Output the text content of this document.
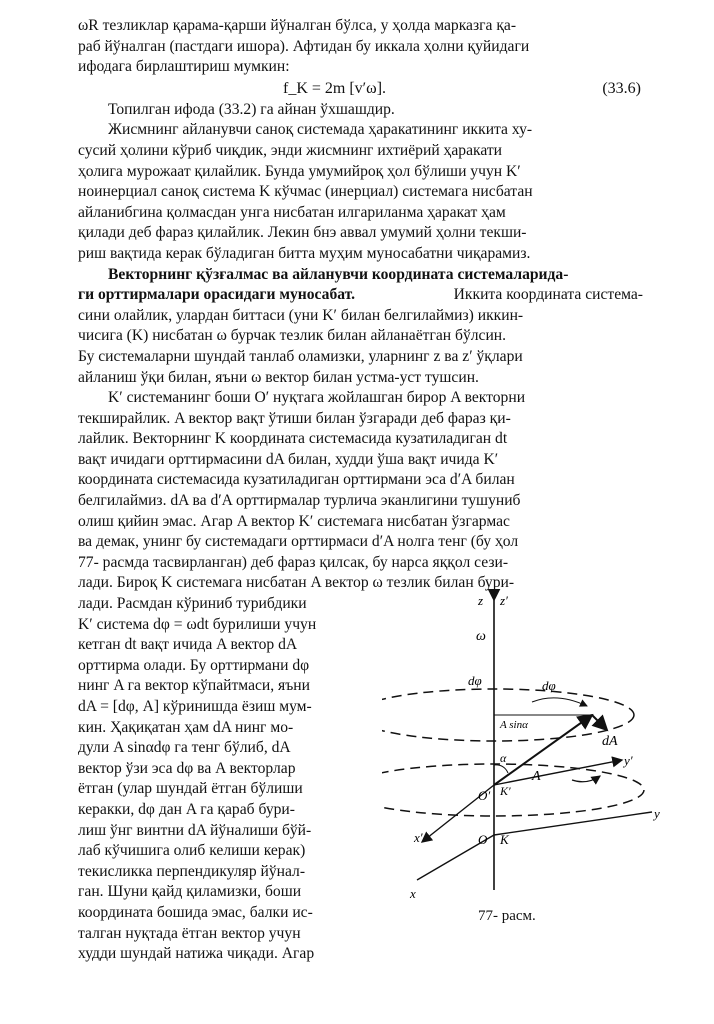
ωR тезликлар қарама-қарши йўналган бўлса, у ҳолда марказга қа-
раб йўналган (пастдаги ишора). Афтидан бу иккала ҳолни қуйидаги
ифодага бирлаштириш мумкин:
f_K = 2m [v′ω].	(33.6)
Топилган ифода (33.2) га айнан ўхшашдир.
Жисмнинг айланувчи саноқ системада ҳаракатининг иккита ху-
сусий ҳолини кўриб чиқдик, энди жисмнинг ихтиёрий ҳаракати
ҳолига мурожаат қилайлик. Бунда умумийроқ ҳол бўлиши учун K′
ноинерциал саноқ система K кўчмас (инерциал) системага нисбатан
айланибгина қолмасдан унга нисбатан илгариланма ҳаракат ҳам
қилади деб фараз қилайлик. Лекин бнэ аввал умумий ҳолни текши-
риш вақтида керак бўладиган битта муҳим муносабатни чиқарамиз.
Векторнинг қўзғалмас ва айланувчи координата системаларида-
ги орттирмалари орасидаги муносабат.	Иккита координата система-
сини олайлик, улардан биттаси (уни K′ билан белгилаймиз) иккин-
чисига (K) нисбатан ω бурчак тезлик билан айланаётган бўлсин.
Бу системаларни шундай танлаб оламизки, уларнинг z ва z′ ўқлари
айланиш ўқи билан, яъни ω вектор билан устма-уст тушсин.
K′ системанинг боши O′ нуқтага жойлашган бирор A векторни
текширайлик. A вектор вақт ўтиши билан ўзгаради деб фараз қи-
лайлик. Векторнинг K координата системасида кузатиладиган dt
вақт ичидаги орттирмасини dA билан, худди ўша вақт ичида K′
координата системасида кузатиладиган орттирмани эса d′A билан
белгилаймиз. dA ва d′A орттирмалар турлича эканлигини тушуниб
олиш қийин эмас. Агар A вектор K′ системага нисбатан ўзгармас
ва демак, унинг бу системадаги орттирмаси d′A нолга тенг (бу ҳол
77- расмда тасвирланган) деб фараз қилсак, бу нарса яққол сези-
лади. Бироқ K системага нисбатан A вектор ω тезлик билан бури-
лади. Расмдан кўриниб турибдики
K′ система dφ = ωdt бурилиши учун
кетган dt вақт ичида A вектор dA
орттирма олади. Бу орттирмани dφ
нинг A га вектор кўпайтмаси, яъни
dA = [dφ, A] кўринишда ёзиш мум-
кин. Ҳақиқатан ҳам dA нинг мо-
дули A sinαdφ га тенг бўлиб, dA
вектор ўзи эса dφ ва A векторлар
ётган (улар шундай ётган бўлиши
керакки, dφ дан A га қараб бури-
лиш ўнг винтни dA йўналиши бўй-
лаб кўчишига олиб келиши керак)
текисликка перпендикуляр йўнал-
ган. Шуни қайд қиламизки, боши
координата бошида эмас, балки ис-
талган нуқтада ётган вектор учун
худди шундай натижа чиқади. Агар
z z′
ω
dφ	dφ
A sinα
dA
A
α
O′
O K
K′
y′
y
x′
x
77- расм.
